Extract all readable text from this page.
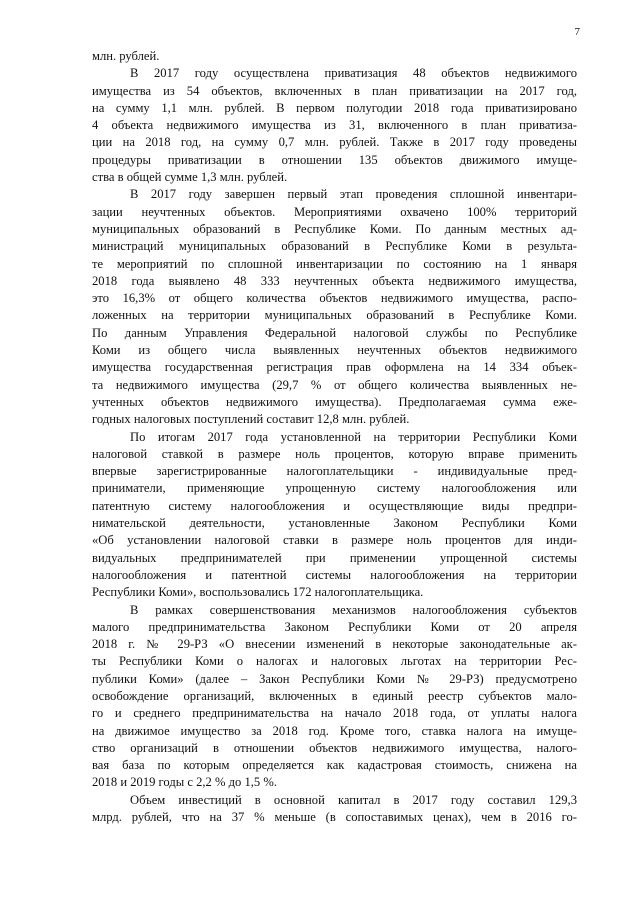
7
млн. рублей.
В 2017 году осуществлена приватизация 48 объектов недвижимого
имущества из 54 объектов, включенных в план приватизации на 2017 год,
на сумму 1,1 млн. рублей. В первом полугодии 2018 года приватизировано
4 объекта недвижимого имущества из 31, включенного в план приватиза-
ции на 2018 год, на сумму 0,7 млн. рублей. Также в 2017 году проведены
процедуры приватизации в отношении 135 объектов движимого имуще-
ства в общей сумме 1,3 млн. рублей.
В 2017 году завершен первый этап проведения сплошной инвентари-
зации неучтенных объектов. Мероприятиями охвачено 100% территорий
муниципальных образований в Республике Коми. По данным местных ад-
министраций муниципальных образований в Республике Коми в результа-
те мероприятий по сплошной инвентаризации по состоянию на 1 января
2018 года выявлено 48 333 неучтенных объекта недвижимого имущества,
это 16,3% от общего количества объектов недвижимого имущества, распо-
ложенных на территории муниципальных образований в Республике Коми.
По данным Управления Федеральной налоговой службы по Республике
Коми из общего числа выявленных неучтенных объектов недвижимого
имущества государственная регистрация прав оформлена на 14 334 объек-
та недвижимого имущества (29,7 % от общего количества выявленных не-
учтенных объектов недвижимого имущества). Предполагаемая сумма еже-
годных налоговых поступлений составит 12,8 млн. рублей.
По итогам 2017 года установленной на территории Республики Коми
налоговой ставкой в размере ноль процентов, которую вправе применить
впервые зарегистрированные налогоплательщики - индивидуальные пред-
приниматели, применяющие упрощенную систему налогообложения или
патентную систему налогообложения и осуществляющие виды предпри-
нимательской деятельности, установленные Законом Республики Коми
«Об установлении налоговой ставки в размере ноль процентов для инди-
видуальных предпринимателей при применении упрощенной системы
налогообложения и патентной системы налогообложения на территории
Республики Коми», воспользовались 172 налогоплательщика.
В рамках совершенствования механизмов налогообложения субъектов
малого предпринимательства Законом Республики Коми от 20 апреля
2018 г. № 29-РЗ «О внесении изменений в некоторые законодательные ак-
ты Республики Коми о налогах и налоговых льготах на территории Рес-
публики Коми» (далее – Закон Республики Коми № 29-РЗ) предусмотрено
освобождение организаций, включенных в единый реестр субъектов мало-
го и среднего предпринимательства на начало 2018 года, от уплаты налога
на движимое имущество за 2018 год. Кроме того, ставка налога на имуще-
ство организаций в отношении объектов недвижимого имущества, налого-
вая база по которым определяется как кадастровая стоимость, снижена на
2018 и 2019 годы с 2,2 % до 1,5 %.
Объем инвестиций в основной капитал в 2017 году составил 129,3
млрд. рублей, что на 37 % меньше (в сопоставимых ценах), чем в 2016 го-
